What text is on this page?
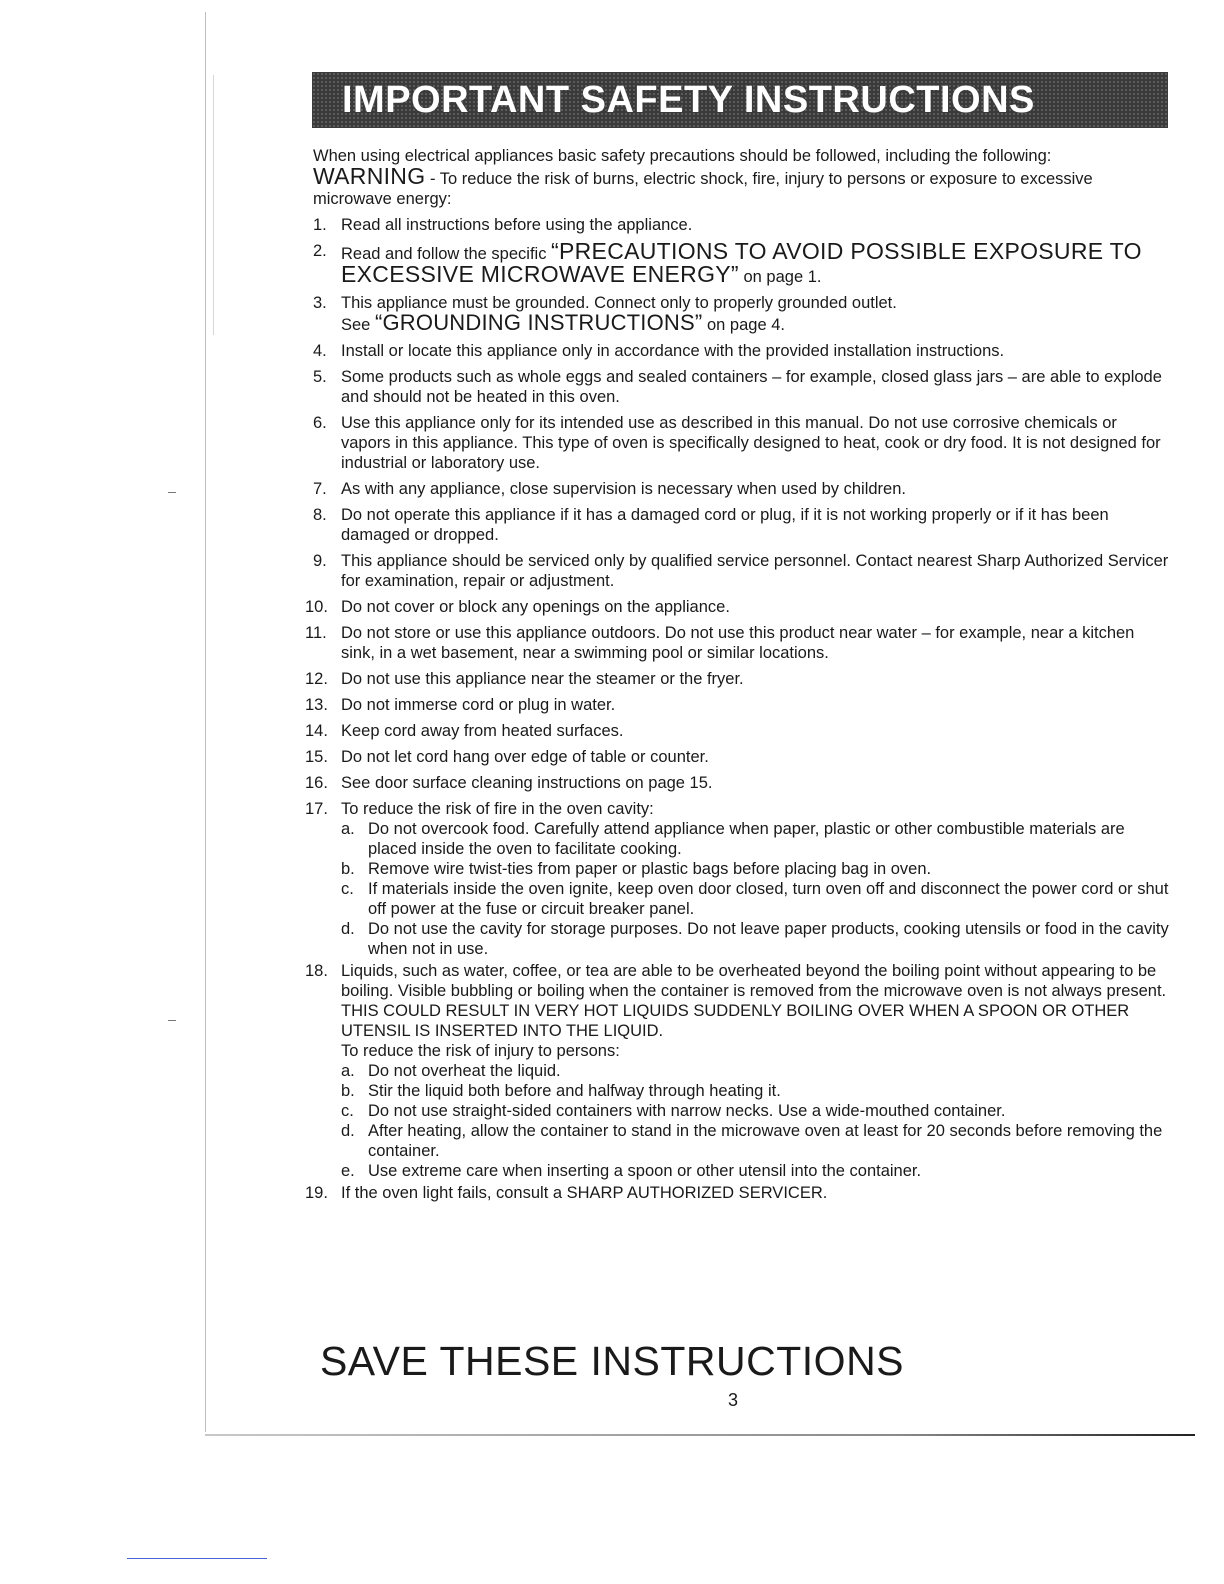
IMPORTANT SAFETY INSTRUCTIONS

When using electrical appliances basic safety precautions should be followed, including the following:
WARNING - To reduce the risk of burns, electric shock, fire, injury to persons or exposure to excessive microwave energy:

1. Read all instructions before using the appliance.
2. Read and follow the specific “PRECAUTIONS TO AVOID POSSIBLE EXPOSURE TO EXCESSIVE MICROWAVE ENERGY” on page 1.
3. This appliance must be grounded. Connect only to properly grounded outlet.
See “GROUNDING INSTRUCTIONS” on page 4.
4. Install or locate this appliance only in accordance with the provided installation instructions.
5. Some products such as whole eggs and sealed containers – for example, closed glass jars – are able to explode and should not be heated in this oven.
6. Use this appliance only for its intended use as described in this manual. Do not use corrosive chemicals or vapors in this appliance. This type of oven is specifically designed to heat, cook or dry food. It is not designed for industrial or laboratory use.
7. As with any appliance, close supervision is necessary when used by children.
8. Do not operate this appliance if it has a damaged cord or plug, if it is not working properly or if it has been damaged or dropped.
9. This appliance should be serviced only by qualified service personnel. Contact nearest Sharp Authorized Servicer for examination, repair or adjustment.
10. Do not cover or block any openings on the appliance.
11. Do not store or use this appliance outdoors. Do not use this product near water – for example, near a kitchen sink, in a wet basement, near a swimming pool or similar locations.
12. Do not use this appliance near the steamer or the fryer.
13. Do not immerse cord or plug in water.
14. Keep cord away from heated surfaces.
15. Do not let cord hang over edge of table or counter.
16. See door surface cleaning instructions on page 15.
17. To reduce the risk of fire in the oven cavity:
a. Do not overcook food. Carefully attend appliance when paper, plastic or other combustible materials are placed inside the oven to facilitate cooking.
b. Remove wire twist-ties from paper or plastic bags before placing bag in oven.
c. If materials inside the oven ignite, keep oven door closed, turn oven off and disconnect the power cord or shut off power at the fuse or circuit breaker panel.
d. Do not use the cavity for storage purposes. Do not leave paper products, cooking utensils or food in the cavity when not in use.
18. Liquids, such as water, coffee, or tea are able to be overheated beyond the boiling point without appearing to be boiling. Visible bubbling or boiling when the container is removed from the microwave oven is not always present. THIS COULD RESULT IN VERY HOT LIQUIDS SUDDENLY BOILING OVER WHEN A SPOON OR OTHER UTENSIL IS INSERTED INTO THE LIQUID.
To reduce the risk of injury to persons:
a. Do not overheat the liquid.
b. Stir the liquid both before and halfway through heating it.
c. Do not use straight-sided containers with narrow necks. Use a wide-mouthed container.
d. After heating, allow the container to stand in the microwave oven at least for 20 seconds before removing the container.
e. Use extreme care when inserting a spoon or other utensil into the container.
19. If the oven light fails, consult a SHARP AUTHORIZED SERVICER.
SAVE THESE INSTRUCTIONS
3
